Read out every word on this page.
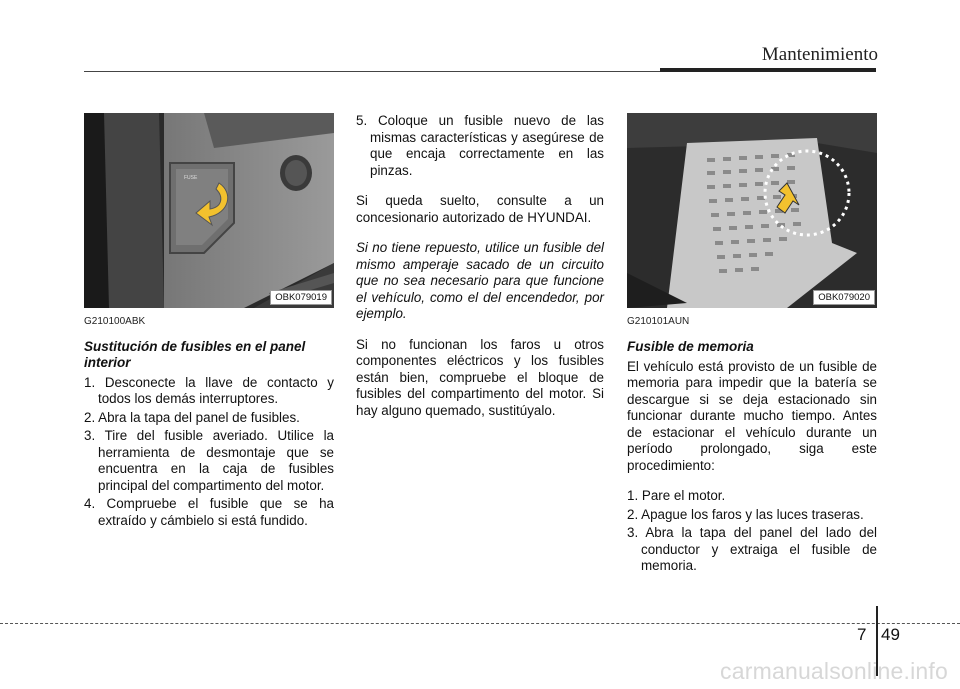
Mantenimiento
FUSE
OBK079019	OBK079020
G210100ABK
Sustitución de fusibles en el panel interior
1. Desconecte la llave de contacto y todos los demás interruptores.
2. Abra la tapa del panel de fusibles.
3. Tire del fusible averiado. Utilice la herramienta de desmontaje que se encuentra en la caja de fusibles principal del compartimento del motor.
4. Compruebe el fusible que se ha extraído y cámbielo si está fundido.
5. Coloque un fusible nuevo de las mismas características y asegúrese de que encaja correctamente en las pinzas.
Si queda suelto, consulte a un concesionario autorizado de HYUNDAI.
Si no tiene repuesto, utilice un fusible del mismo amperaje sacado de un circuito que no sea necesario para que funcione el vehículo, como el del encendedor, por ejemplo.
Si no funcionan los faros u otros componentes eléctricos y los fusibles están bien, compruebe el bloque de fusibles del compartimento del motor. Si hay alguno quemado, sustitúyalo.
G210101AUN
Fusible de memoria
El vehículo está provisto de un fusible de memoria para impedir que la batería se descargue si se deja estacionado sin funcionar durante mucho tiempo. Antes de estacionar el vehículo durante un período prolongado, siga este procedimiento:
1. Pare el motor.
2. Apague los faros y las luces traseras.
3. Abra la tapa del panel del lado del conductor y extraiga el fusible de memoria.
7 49
carmanualsonline.info
